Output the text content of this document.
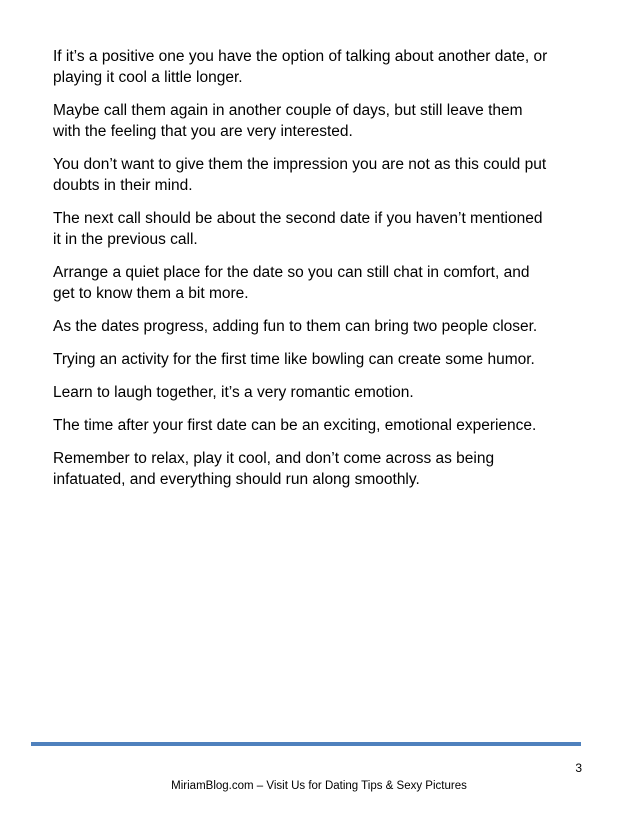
If it’s a positive one you have the option of talking about another date, or
playing it cool a little longer.

Maybe call them again in another couple of days, but still leave them
with the feeling that you are very interested.

You don’t want to give them the impression you are not as this could put
doubts in their mind.

The next call should be about the second date if you haven’t mentioned
it in the previous call.

Arrange a quiet place for the date so you can still chat in comfort, and
get to know them a bit more.

As the dates progress, adding fun to them can bring two people closer.

Trying an activity for the first time like bowling can create some humor.

Learn to laugh together, it’s a very romantic emotion.

The time after your first date can be an exciting, emotional experience.

Remember to relax, play it cool, and don’t come across as being
infatuated, and everything should run along smoothly.

3
MiriamBlog.com – Visit Us for Dating Tips & Sexy Pictures
